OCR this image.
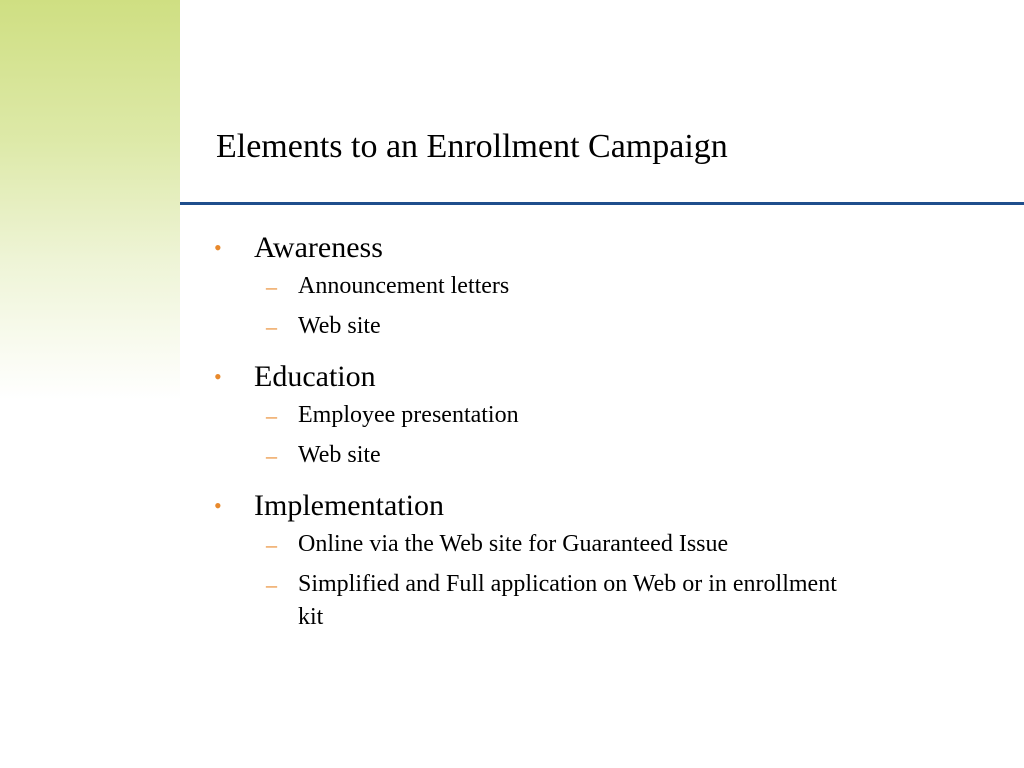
Elements to an Enrollment Campaign
• Awareness
– Announcement letters
– Web site
• Education
– Employee presentation
– Web site
• Implementation
– Online via the Web site for Guaranteed Issue
– Simplified and Full application on Web or in enrollment kit
